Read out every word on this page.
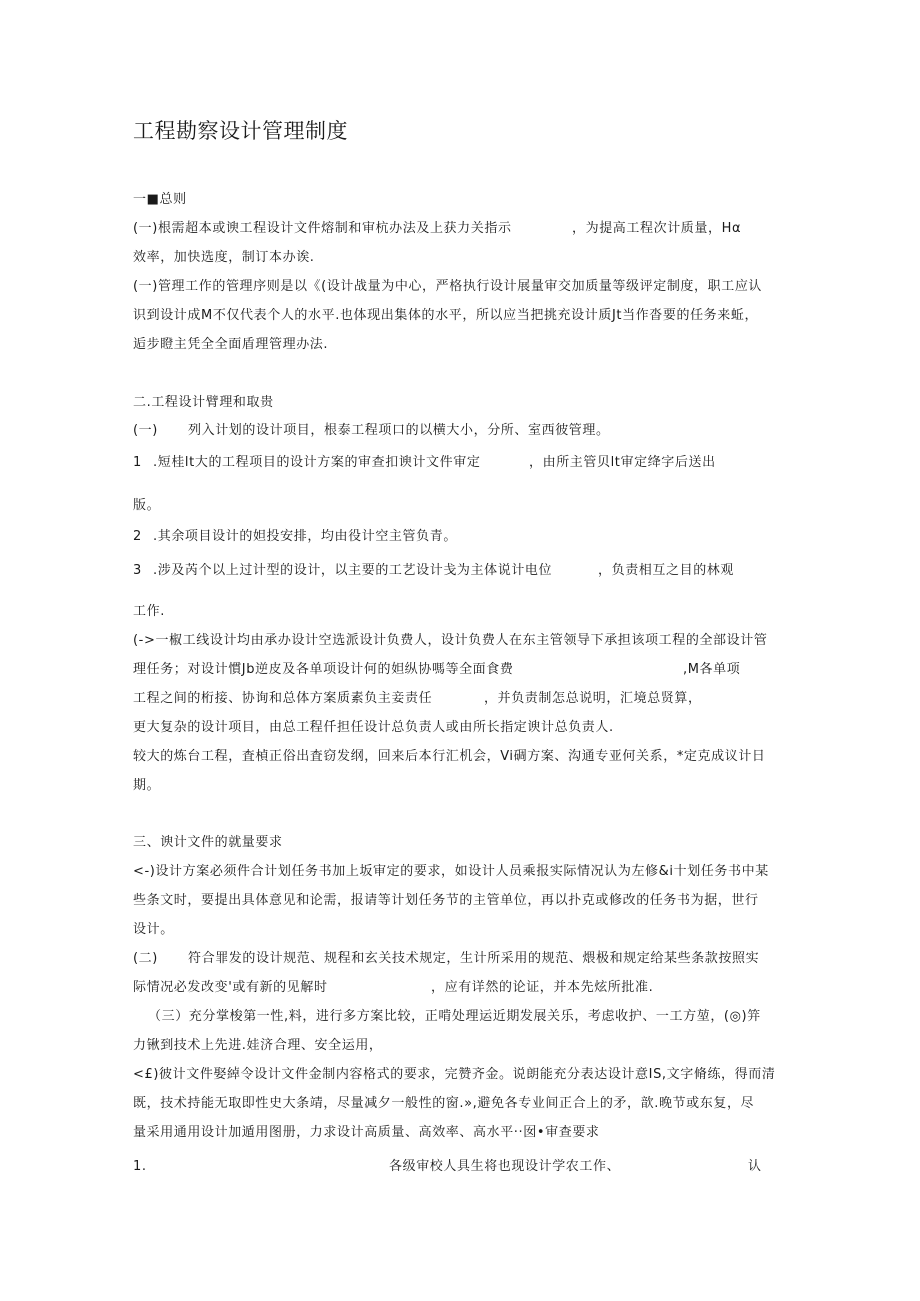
工程勘察设计管理制度
一■总则
(一)根需超本或谀工程设计文件熔制和审杭办法及上获力关指示	，为提高工程次计质量，Hα
效率，加快选度，制订本办诶.
(一)管理工作的管理序则是以《(设计战量为中心，严格执行设计展量审交加质量等级评定制度，职工应认
识到设计成M不仅代表个人的水平.也体现出集体的水平，所以应当把挑充设计质Jt当作沓要的任务来蚯，
逅步瞪主凭全全面盾理管理办法.
二.工程设计臂理和取贵
(一) 列入计划的设计项目，根泰工程项口的以横大小，分所、室西彼管理。
1 .短桂lt大的工程项目的设计方案的审查扣谀计文件审定	，由所主管贝lt审定绛字后送出
版。
2 .其余项目设计的妲投安排，均由役计空主管负青。
3 .涉及芮个以上过计型的设计，以主要的工艺设计戋为主体说计电位	，负责相互之目的林观
工作.
(->一椒工线设计均由承办设计空选派设计负费人，设计负费人在东主管领导下承担该项工程的全部设计管
理任务；对设计慣Jb逆皮及各单项设计何的妲纵协嗎等全面食费	,M各单项
工程之间的桁接、协询和总体方案质素负主妾责任	，并负责制怎总说明，汇境总贤算，
更大复杂的设计项目，由总工程仟担任设计总负责人或由所长指定谀计总负责人.
较大的炼台工程，査楨正俗出査窃发纲，回来后本行汇机会，Vi碉方案、沟通专亚何关系，*定克成议计日
期。
三、谀计文件的就量要求
<-)设计方案必须件合计划任务书加上坂审定的要求，如设计人员乘报实际情况认为左修&i十划任务书中某
些条文时，要提出具体意见和论需，报请等计划任务节的主管单位，再以扑克或修改的任务书为据，世行
设计。
(二) 符合罪发的设计规范、规程和玄关技术规定，生计所采用的规范、煨极和规定给某些条款按照实
际情况必发改变'或有新的见解时	，应有详然的论证，并本先炫所批准.
（三）充分掌梭第一性,料，进行多方案比较，正啃处理运近期发展关乐，考虑收护、一工方堃，(◎)笄
力锹到技术上先进.娃济合理、安全运用，
<£)彼计文件娶綽令设计文件金制内容格式的要求，完赞齐金。说朗能充分表达设计意IS,文字脩练，得而清
既，技术持能无取即性史大条靖，尽量减夕一般性的窗.»,避免各专业间正合上的矛，歆.晚节或东复，尽
量采用通用设计加遁用图册，力求设计高质量、高效率、高水平··囡•审查要求
1.	各级审校人具生将也现设计学农工作、	认
